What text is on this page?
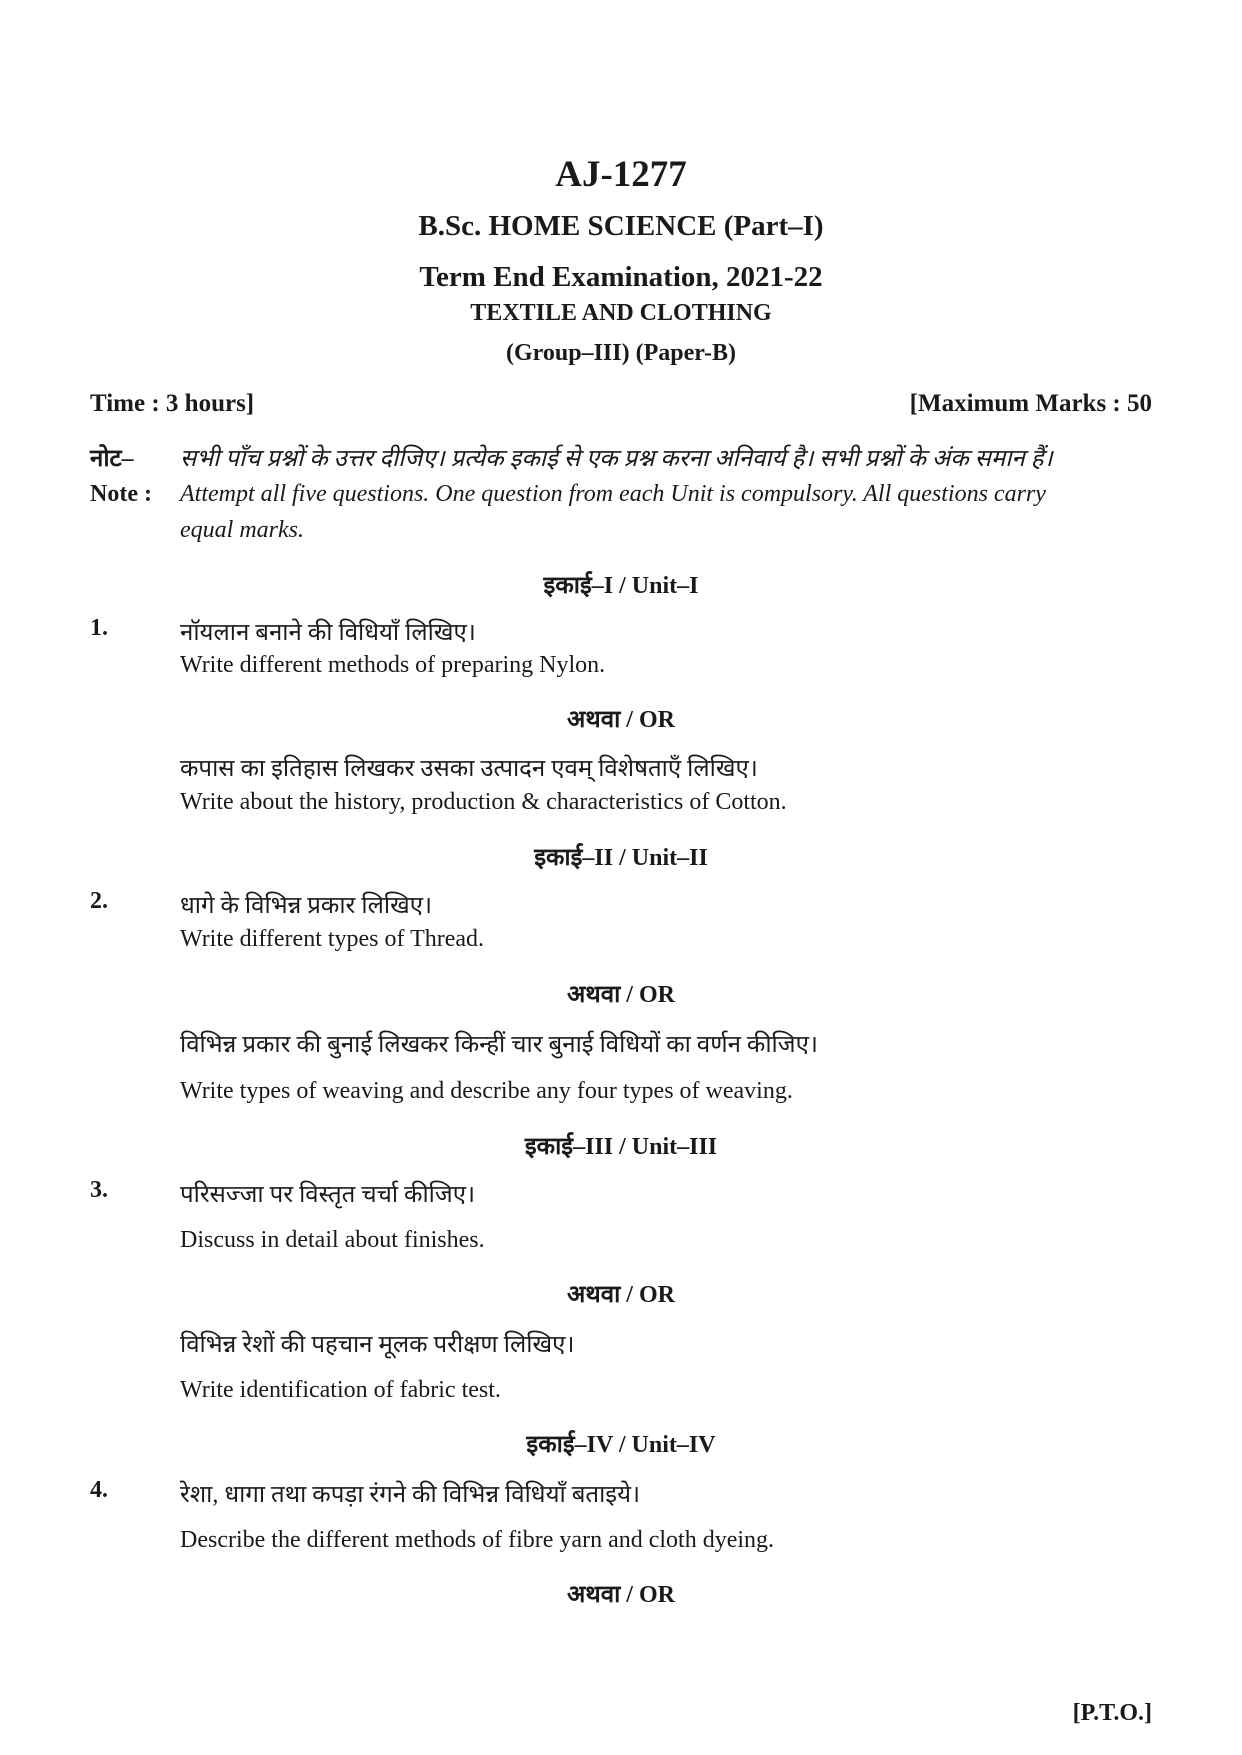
AJ-1277
B.Sc. HOME SCIENCE (Part–I)
Term End Examination, 2021-22
TEXTILE AND CLOTHING
(Group–III) (Paper-B)
Time : 3 hours]	[Maximum Marks : 50
नोट– सभी पाँच प्रश्नों के उत्तर दीजिए। प्रत्येक इकाई से एक प्रश्न करना अनिवार्य है। सभी प्रश्नों के अंक समान हैं।
Note : Attempt all five questions. One question from each Unit is compulsory. All questions carry
equal marks.
इकाई–I / Unit–I
1.	नॉयलान बनाने की विधियाँ लिखिए।
Write different methods of preparing Nylon.
अथवा / OR
कपास का इतिहास लिखकर उसका उत्पादन एवम् विशेषताएँ लिखिए।
Write about the history, production & characteristics of Cotton.
इकाई–II / Unit–II
2.	धागे के विभिन्न प्रकार लिखिए।
Write different types of Thread.
अथवा / OR
विभिन्न प्रकार की बुनाई लिखकर किन्हीं चार बुनाई विधियों का वर्णन कीजिए।
Write types of weaving and describe any four types of weaving.
इकाई–III / Unit–III
3.	परिसज्जा पर विस्तृत चर्चा कीजिए।
Discuss in detail about finishes.
अथवा / OR
विभिन्न रेशों की पहचान मूलक परीक्षण लिखिए।
Write identification of fabric test.
इकाई–IV / Unit–IV
4.	रेशा, धागा तथा कपड़ा रंगने की विभिन्न विधियाँ बताइये।
Describe the different methods of fibre yarn and cloth dyeing.
अथवा / OR
[P.T.O.]
